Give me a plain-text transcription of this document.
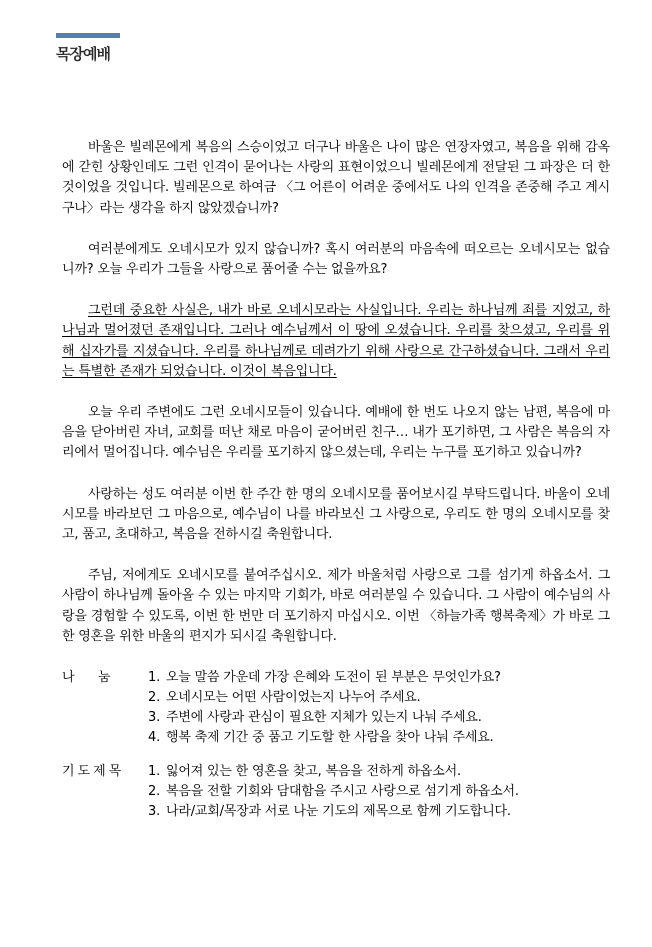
목장예배

바울은 빌레몬에게 복음의 스승이었고 더구나 바울은 나이 많은 연장자였고, 복음을 위해 감옥에 갇힌 상황인데도 그런 인격이 묻어나는 사랑의 표현이었으니 빌레몬에게 전달된 그 파장은 더 한 것이었을 것입니다. 빌레몬으로 하여금 〈그 어른이 어려운 중에서도 나의 인격을 존중해 주고 계시구나〉라는 생각을 하지 않았겠습니까?

여러분에게도 오네시모가 있지 않습니까? 혹시 여러분의 마음속에 떠오르는 오네시모는 없습니까? 오늘 우리가 그들을 사랑으로 품어줄 수는 없을까요?

그런데 중요한 사실은, 내가 바로 오네시모라는 사실입니다. 우리는 하나님께 죄를 지었고, 하나님과 멀어졌던 존재입니다. 그러나 예수님께서 이 땅에 오셨습니다. 우리를 찾으셨고, 우리를 위해 십자가를 지셨습니다. 우리를 하나님께로 데려가기 위해 사랑으로 간구하셨습니다. 그래서 우리는 특별한 존재가 되었습니다. 이것이 복음입니다.

오늘 우리 주변에도 그런 오네시모들이 있습니다. 예배에 한 번도 나오지 않는 남편, 복음에 마음을 닫아버린 자녀, 교회를 떠난 채로 마음이 굳어버린 친구… 내가 포기하면, 그 사람은 복음의 자리에서 멀어집니다. 예수님은 우리를 포기하지 않으셨는데, 우리는 누구를 포기하고 있습니까?

사랑하는 성도 여러분 이번 한 주간 한 명의 오네시모를 품어보시길 부탁드립니다. 바울이 오네시모를 바라보던 그 마음으로, 예수님이 나를 바라보신 그 사랑으로, 우리도 한 명의 오네시모를 찾고, 품고, 초대하고, 복음을 전하시길 축원합니다.

주님, 저에게도 오네시모를 붙여주십시오. 제가 바울처럼 사랑으로 그를 섬기게 하옵소서. 그 사람이 하나님께 돌아올 수 있는 마지막 기회가, 바로 여러분일 수 있습니다. 그 사람이 예수님의 사랑을 경험할 수 있도록, 이번 한 번만 더 포기하지 마십시오. 이번 〈하늘가족 행복축제〉가 바로 그 한 영혼을 위한 바울의 편지가 되시길 축원합니다.

나      눔	1. 오늘 말씀 가운데 가장 은혜와 도전이 된 부분은 무엇인가요?
2. 오네시모는 어떤 사람이었는지 나누어 주세요.
3. 주변에 사랑과 관심이 필요한 지체가 있는지 나눠 주세요.
4. 행복 축제 기간 중 품고 기도할 한 사람을 찾아 나눠 주세요.
기도제목	1. 잃어져 있는 한 영혼을 찾고, 복음을 전하게 하옵소서.
2. 복음을 전할 기회와 담대함을 주시고 사랑으로 섬기게 하옵소서.
3. 나라/교회/목장과 서로 나눈 기도의 제목으로 함께 기도합니다.
